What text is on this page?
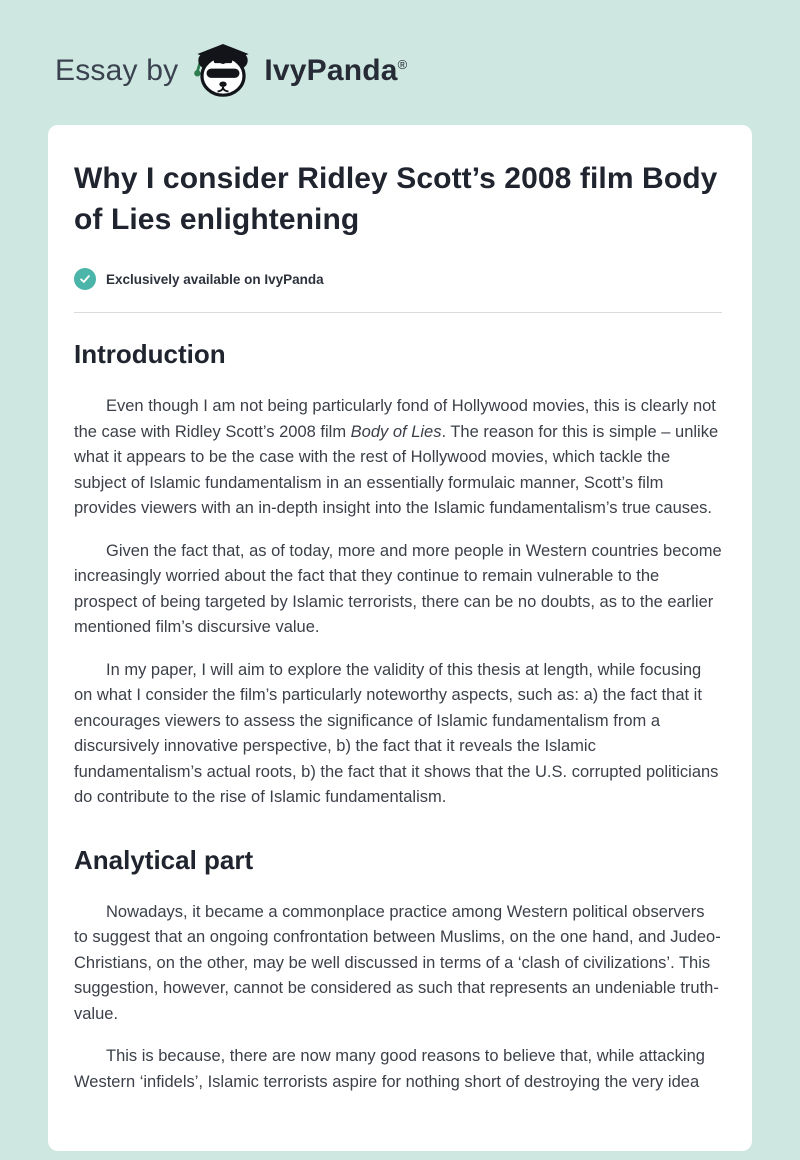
Essay by	IvyPanda®
Why I consider Ridley Scott’s 2008 film Body of Lies enlightening
Exclusively available on IvyPanda
Introduction

Even though I am not being particularly fond of Hollywood movies, this is clearly not the case with Ridley Scott’s 2008 film Body of Lies. The reason for this is simple – unlike what it appears to be the case with the rest of Hollywood movies, which tackle the subject of Islamic fundamentalism in an essentially formulaic manner, Scott’s film provides viewers with an in-depth insight into the Islamic fundamentalism’s true causes.

Given the fact that, as of today, more and more people in Western countries become increasingly worried about the fact that they continue to remain vulnerable to the prospect of being targeted by Islamic terrorists, there can be no doubts, as to the earlier mentioned film’s discursive value.

In my paper, I will aim to explore the validity of this thesis at length, while focusing on what I consider the film’s particularly noteworthy aspects, such as: a) the fact that it encourages viewers to assess the significance of Islamic fundamentalism from a discursively innovative perspective, b) the fact that it reveals the Islamic fundamentalism’s actual roots, b) the fact that it shows that the U.S. corrupted politicians do contribute to the rise of Islamic fundamentalism.

Analytical part

Nowadays, it became a commonplace practice among Western political observers to suggest that an ongoing confrontation between Muslims, on the one hand, and Judeo-Christians, on the other, may be well discussed in terms of a ‘clash of civilizations’. This suggestion, however, cannot be considered as such that represents an undeniable truth-value.

This is because, there are now many good reasons to believe that, while attacking Western ‘infidels’, Islamic terrorists aspire for nothing short of destroying the very idea
